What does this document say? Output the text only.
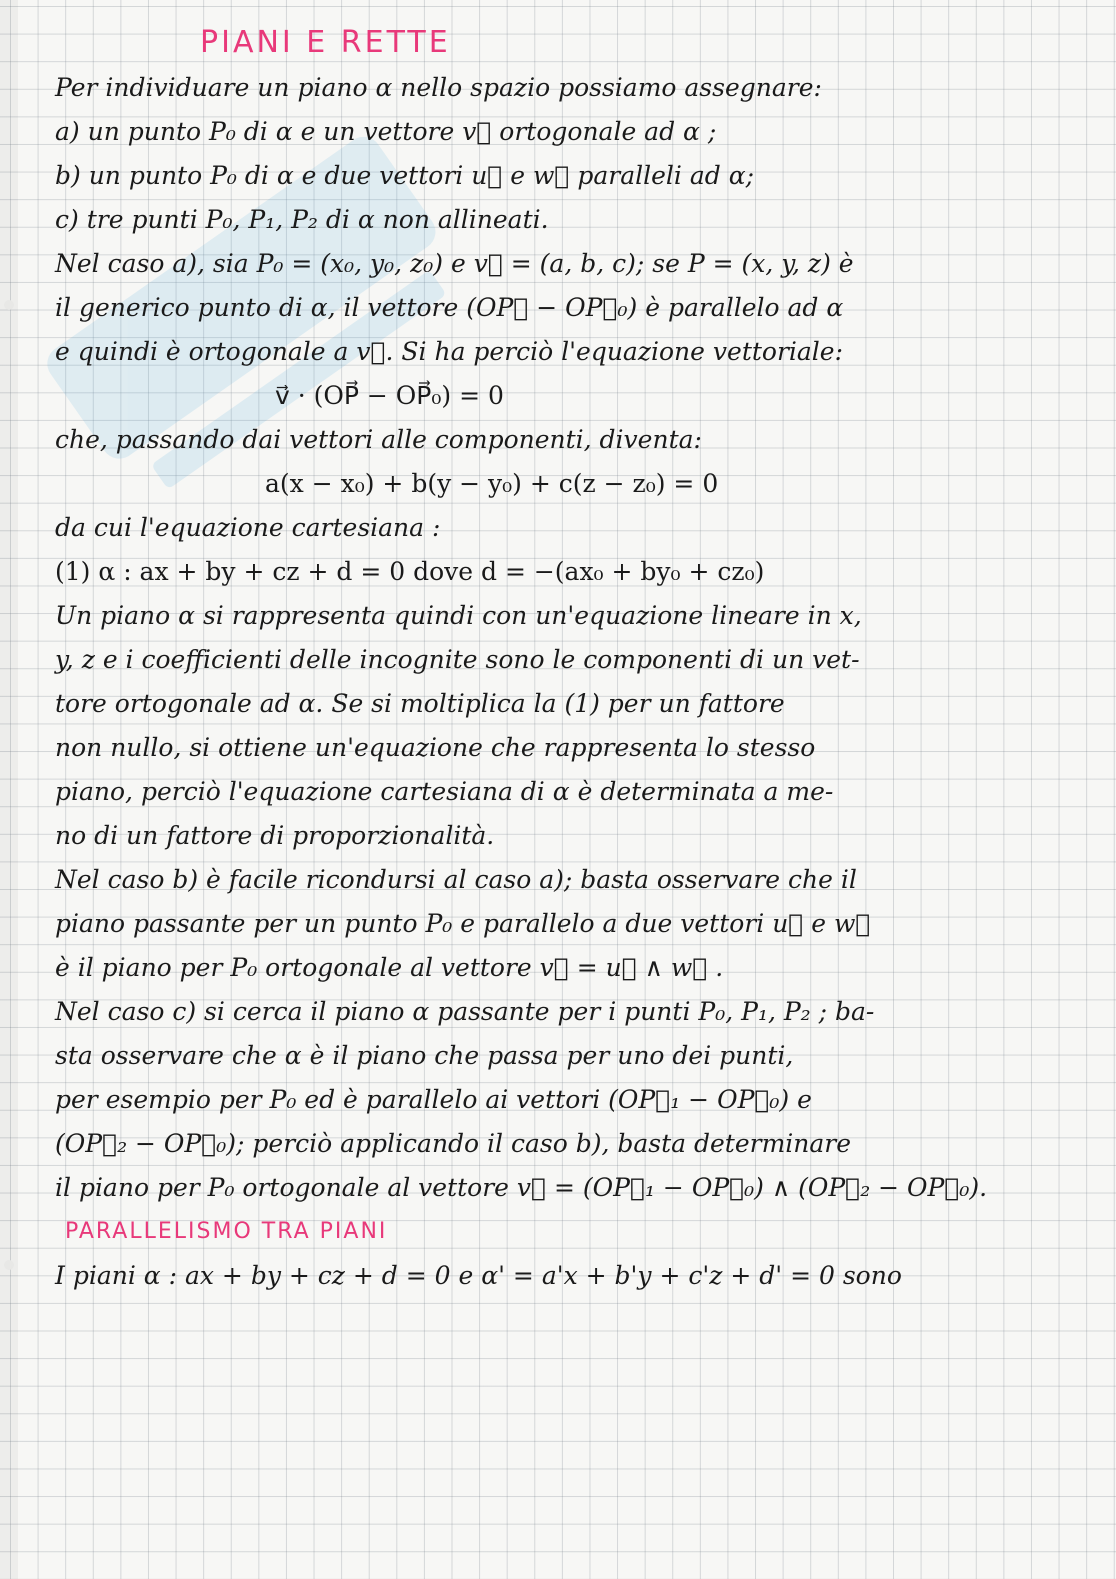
PIANI E RETTE
Per individuare un piano α nello spazio possiamo assegnare:
a) un punto P₀ di α e un vettore v⃗ ortogonale ad α ;
b) un punto P₀ di α e due vettori u⃗ e w⃗ paralleli ad α;
c) tre punti P₀, P₁, P₂ di α non allineati.
Nel caso a), sia P₀ = (x₀, y₀, z₀) e v⃗ = (a, b, c); se P = (x, y, z) è
il generico punto di α, il vettore (OP⃗ − OP⃗₀) è parallelo ad α
e quindi è ortogonale a v⃗. Si ha perciò l'equazione vettoriale:
v⃗ · (OP⃗ − OP⃗₀) = 0
che, passando dai vettori alle componenti, diventa:
a(x − x₀) + b(y − y₀) + c(z − z₀) = 0
da cui l'equazione cartesiana :
(1) α : ax + by + cz + d = 0 dove d = −(ax₀ + by₀ + cz₀)
Un piano α si rappresenta quindi con un'equazione lineare in x,
y, z e i coefficienti delle incognite sono le componenti di un vet-
tore ortogonale ad α. Se si moltiplica la (1) per un fattore
non nullo, si ottiene un'equazione che rappresenta lo stesso
piano, perciò l'equazione cartesiana di α è determinata a me-
no di un fattore di proporzionalità.
Nel caso b) è facile ricondursi al caso a); basta osservare che il
piano passante per un punto P₀ e parallelo a due vettori u⃗ e w⃗
è il piano per P₀ ortogonale al vettore v⃗ = u⃗ ∧ w⃗ .
Nel caso c) si cerca il piano α passante per i punti P₀, P₁, P₂ ; ba-
sta osservare che α è il piano che passa per uno dei punti,
per esempio per P₀ ed è parallelo ai vettori (OP⃗₁ − OP⃗₀) e
(OP⃗₂ − OP⃗₀); perciò applicando il caso b), basta determinare
il piano per P₀ ortogonale al vettore v⃗ = (OP⃗₁ − OP⃗₀) ∧ (OP⃗₂ − OP⃗₀).
PARALLELISMO TRA PIANI
I piani α : ax + by + cz + d = 0 e α' = a'x + b'y + c'z + d' = 0 sono
